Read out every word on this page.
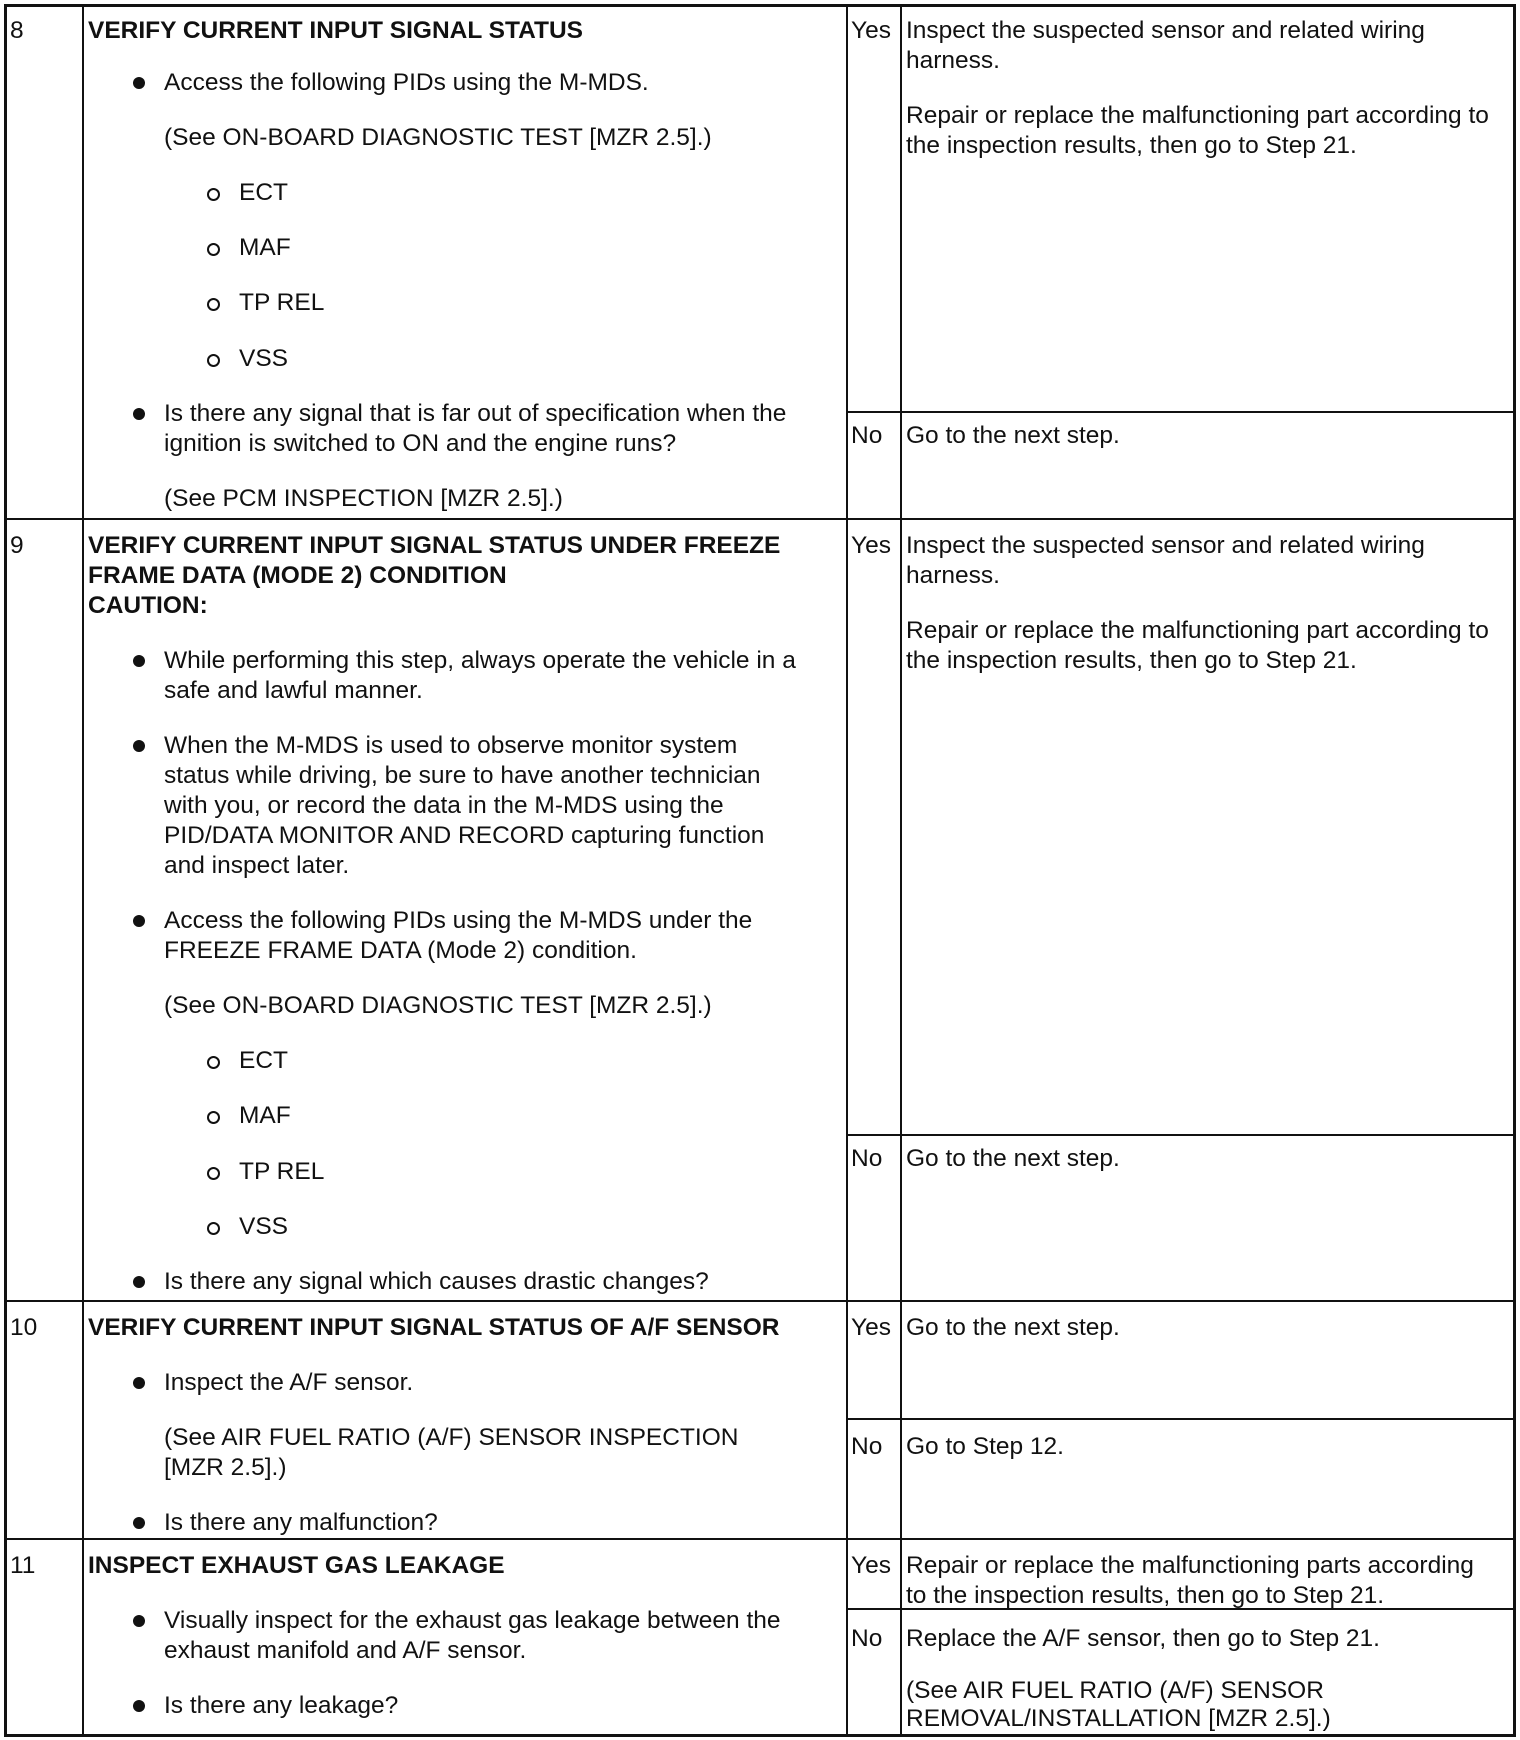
8	VERIFY CURRENT INPUT SIGNAL STATUS
Access the following PIDs using the M-MDS.
(See ON-BOARD DIAGNOSTIC TEST [MZR 2.5].)
ECT
MAF
TP REL
VSS
Is there any signal that is far out of specification when the
ignition is switched to ON and the engine runs?
(See PCM INSPECTION [MZR 2.5].)
Yes Inspect the suspected sensor and related wiring
harness.
Repair or replace the malfunctioning part according to
the inspection results, then go to Step 21.
No Go to the next step.
9	VERIFY CURRENT INPUT SIGNAL STATUS UNDER FREEZE
FRAME DATA (MODE 2) CONDITION
CAUTION:
While performing this step, always operate the vehicle in a
safe and lawful manner.
When the M-MDS is used to observe monitor system
status while driving, be sure to have another technician
with you, or record the data in the M-MDS using the
PID/DATA MONITOR AND RECORD capturing function
and inspect later.
Access the following PIDs using the M-MDS under the
FREEZE FRAME DATA (Mode 2) condition.
(See ON-BOARD DIAGNOSTIC TEST [MZR 2.5].)
ECT
MAF
TP REL
VSS
Is there any signal which causes drastic changes?
Yes Inspect the suspected sensor and related wiring
harness.
Repair or replace the malfunctioning part according to
the inspection results, then go to Step 21.
No Go to the next step.
10 VERIFY CURRENT INPUT SIGNAL STATUS OF A/F SENSOR
Inspect the A/F sensor.
(See AIR FUEL RATIO (A/F) SENSOR INSPECTION
[MZR 2.5].)
Is there any malfunction?
Yes Go to the next step.
No Go to Step 12.
11 INSPECT EXHAUST GAS LEAKAGE
Visually inspect for the exhaust gas leakage between the
exhaust manifold and A/F sensor.
Is there any leakage?
Yes Repair or replace the malfunctioning parts according
to the inspection results, then go to Step 21.
No Replace the A/F sensor, then go to Step 21.
(See AIR FUEL RATIO (A/F) SENSOR
REMOVAL/INSTALLATION [MZR 2.5].)
